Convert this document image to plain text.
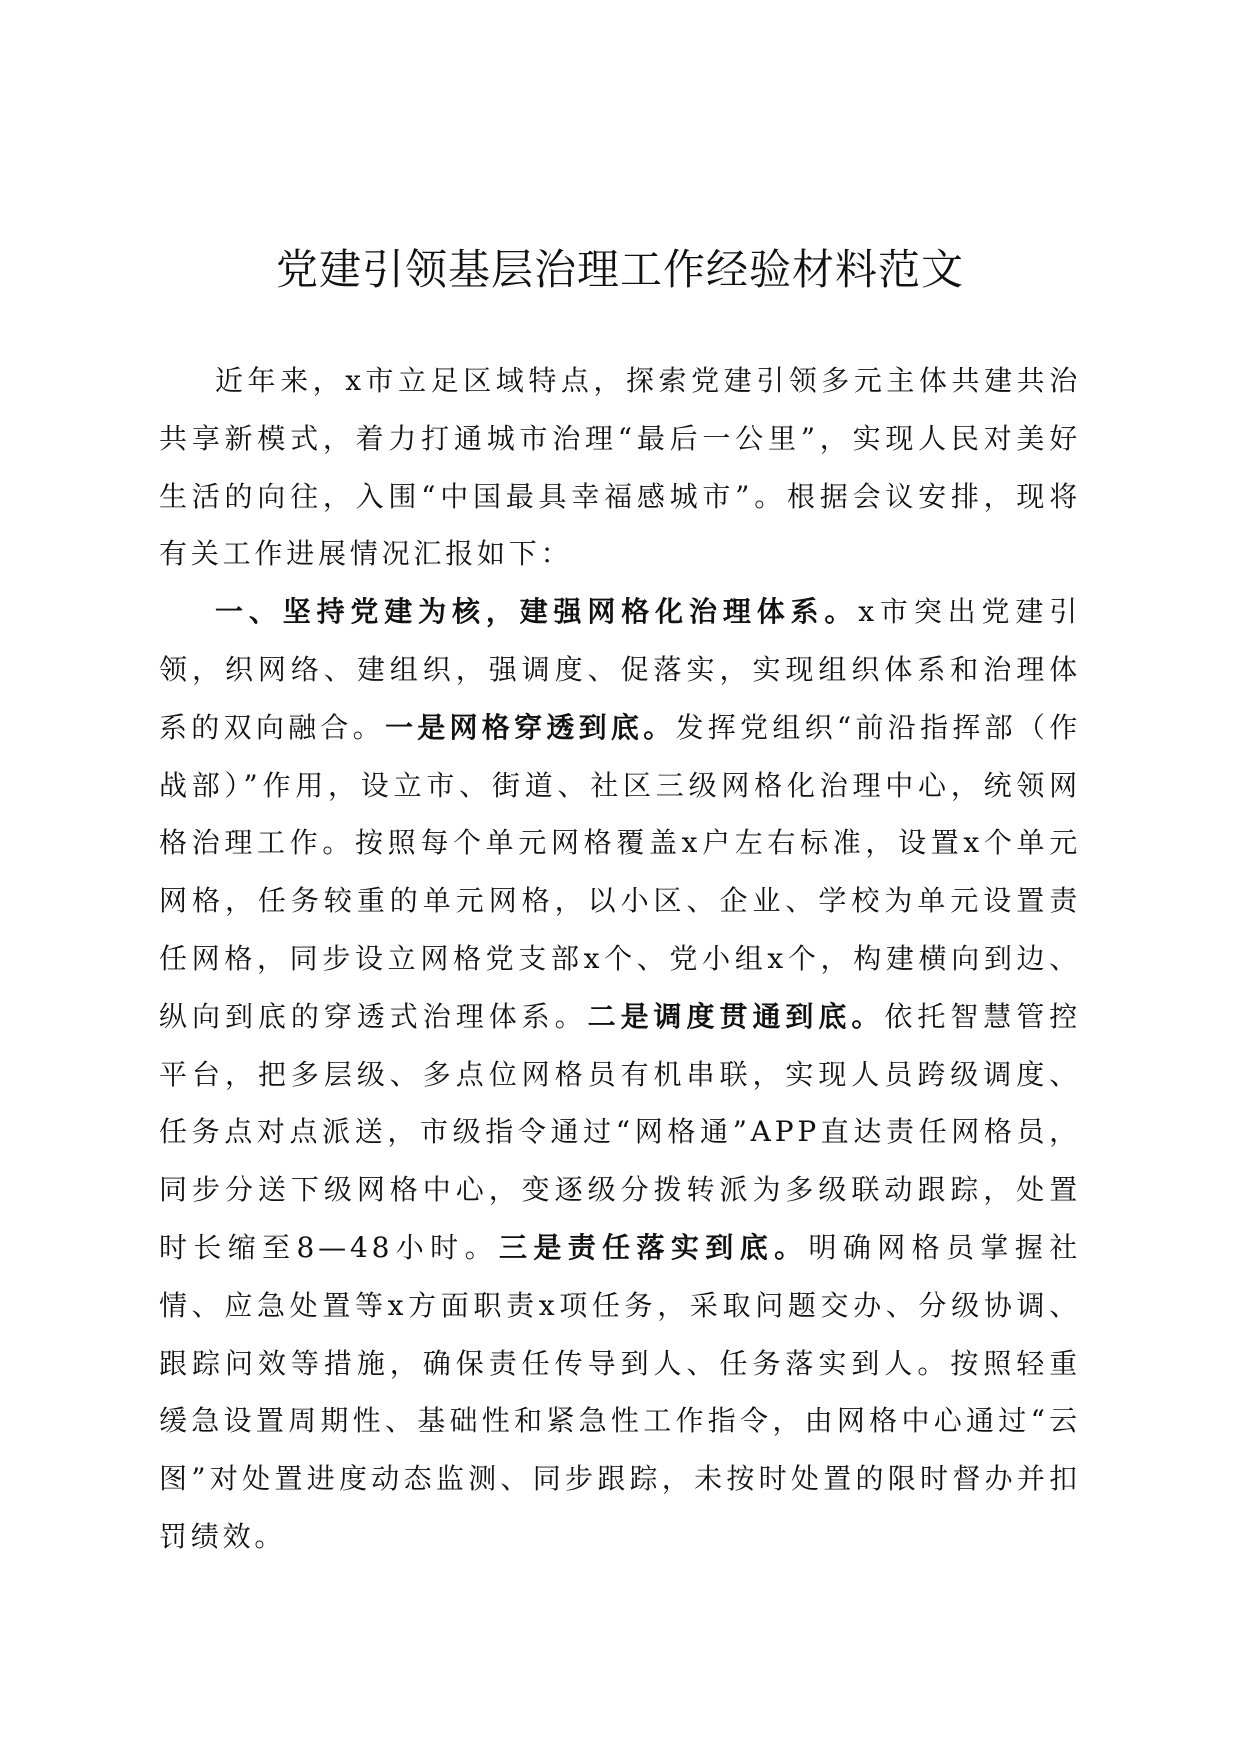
党建引领基层治理工作经验材料范文

近年来，x市立足区域特点，探索党建引领多元主体共建共治共享新模式，着力打通城市治理“最后一公里”，实现人民对美好生活的向往，入围“中国最具幸福感城市”。根据会议安排，现将有关工作进展情况汇报如下：

一、坚持党建为核，建强网格化治理体系。x市突出党建引领，织网络、建组织，强调度、促落实，实现组织体系和治理体系的双向融合。一是网格穿透到底。发挥党组织“前沿指挥部（作战部）”作用，设立市、街道、社区三级网格化治理中心，统领网格治理工作。按照每个单元网格覆盖x户左右标准，设置x个单元网格，任务较重的单元网格，以小区、企业、学校为单元设置责任网格，同步设立网格党支部x个、党小组x个，构建横向到边、纵向到底的穿透式治理体系。二是调度贯通到底。依托智慧管控平台，把多层级、多点位网格员有机串联，实现人员跨级调度、任务点对点派送，市级指令通过“网格通”APP直达责任网格员，同步分送下级网格中心，变逐级分拨转派为多级联动跟踪，处置时长缩至8—48小时。三是责任落实到底。明确网格员掌握社情、应急处置等x方面职责x项任务，采取问题交办、分级协调、跟踪问效等措施，确保责任传导到人、任务落实到人。按照轻重缓急设置周期性、基础性和紧急性工作指令，由网格中心通过“云图”对处置进度动态监测、同步跟踪，未按时处置的限时督办并扣罚绩效。
